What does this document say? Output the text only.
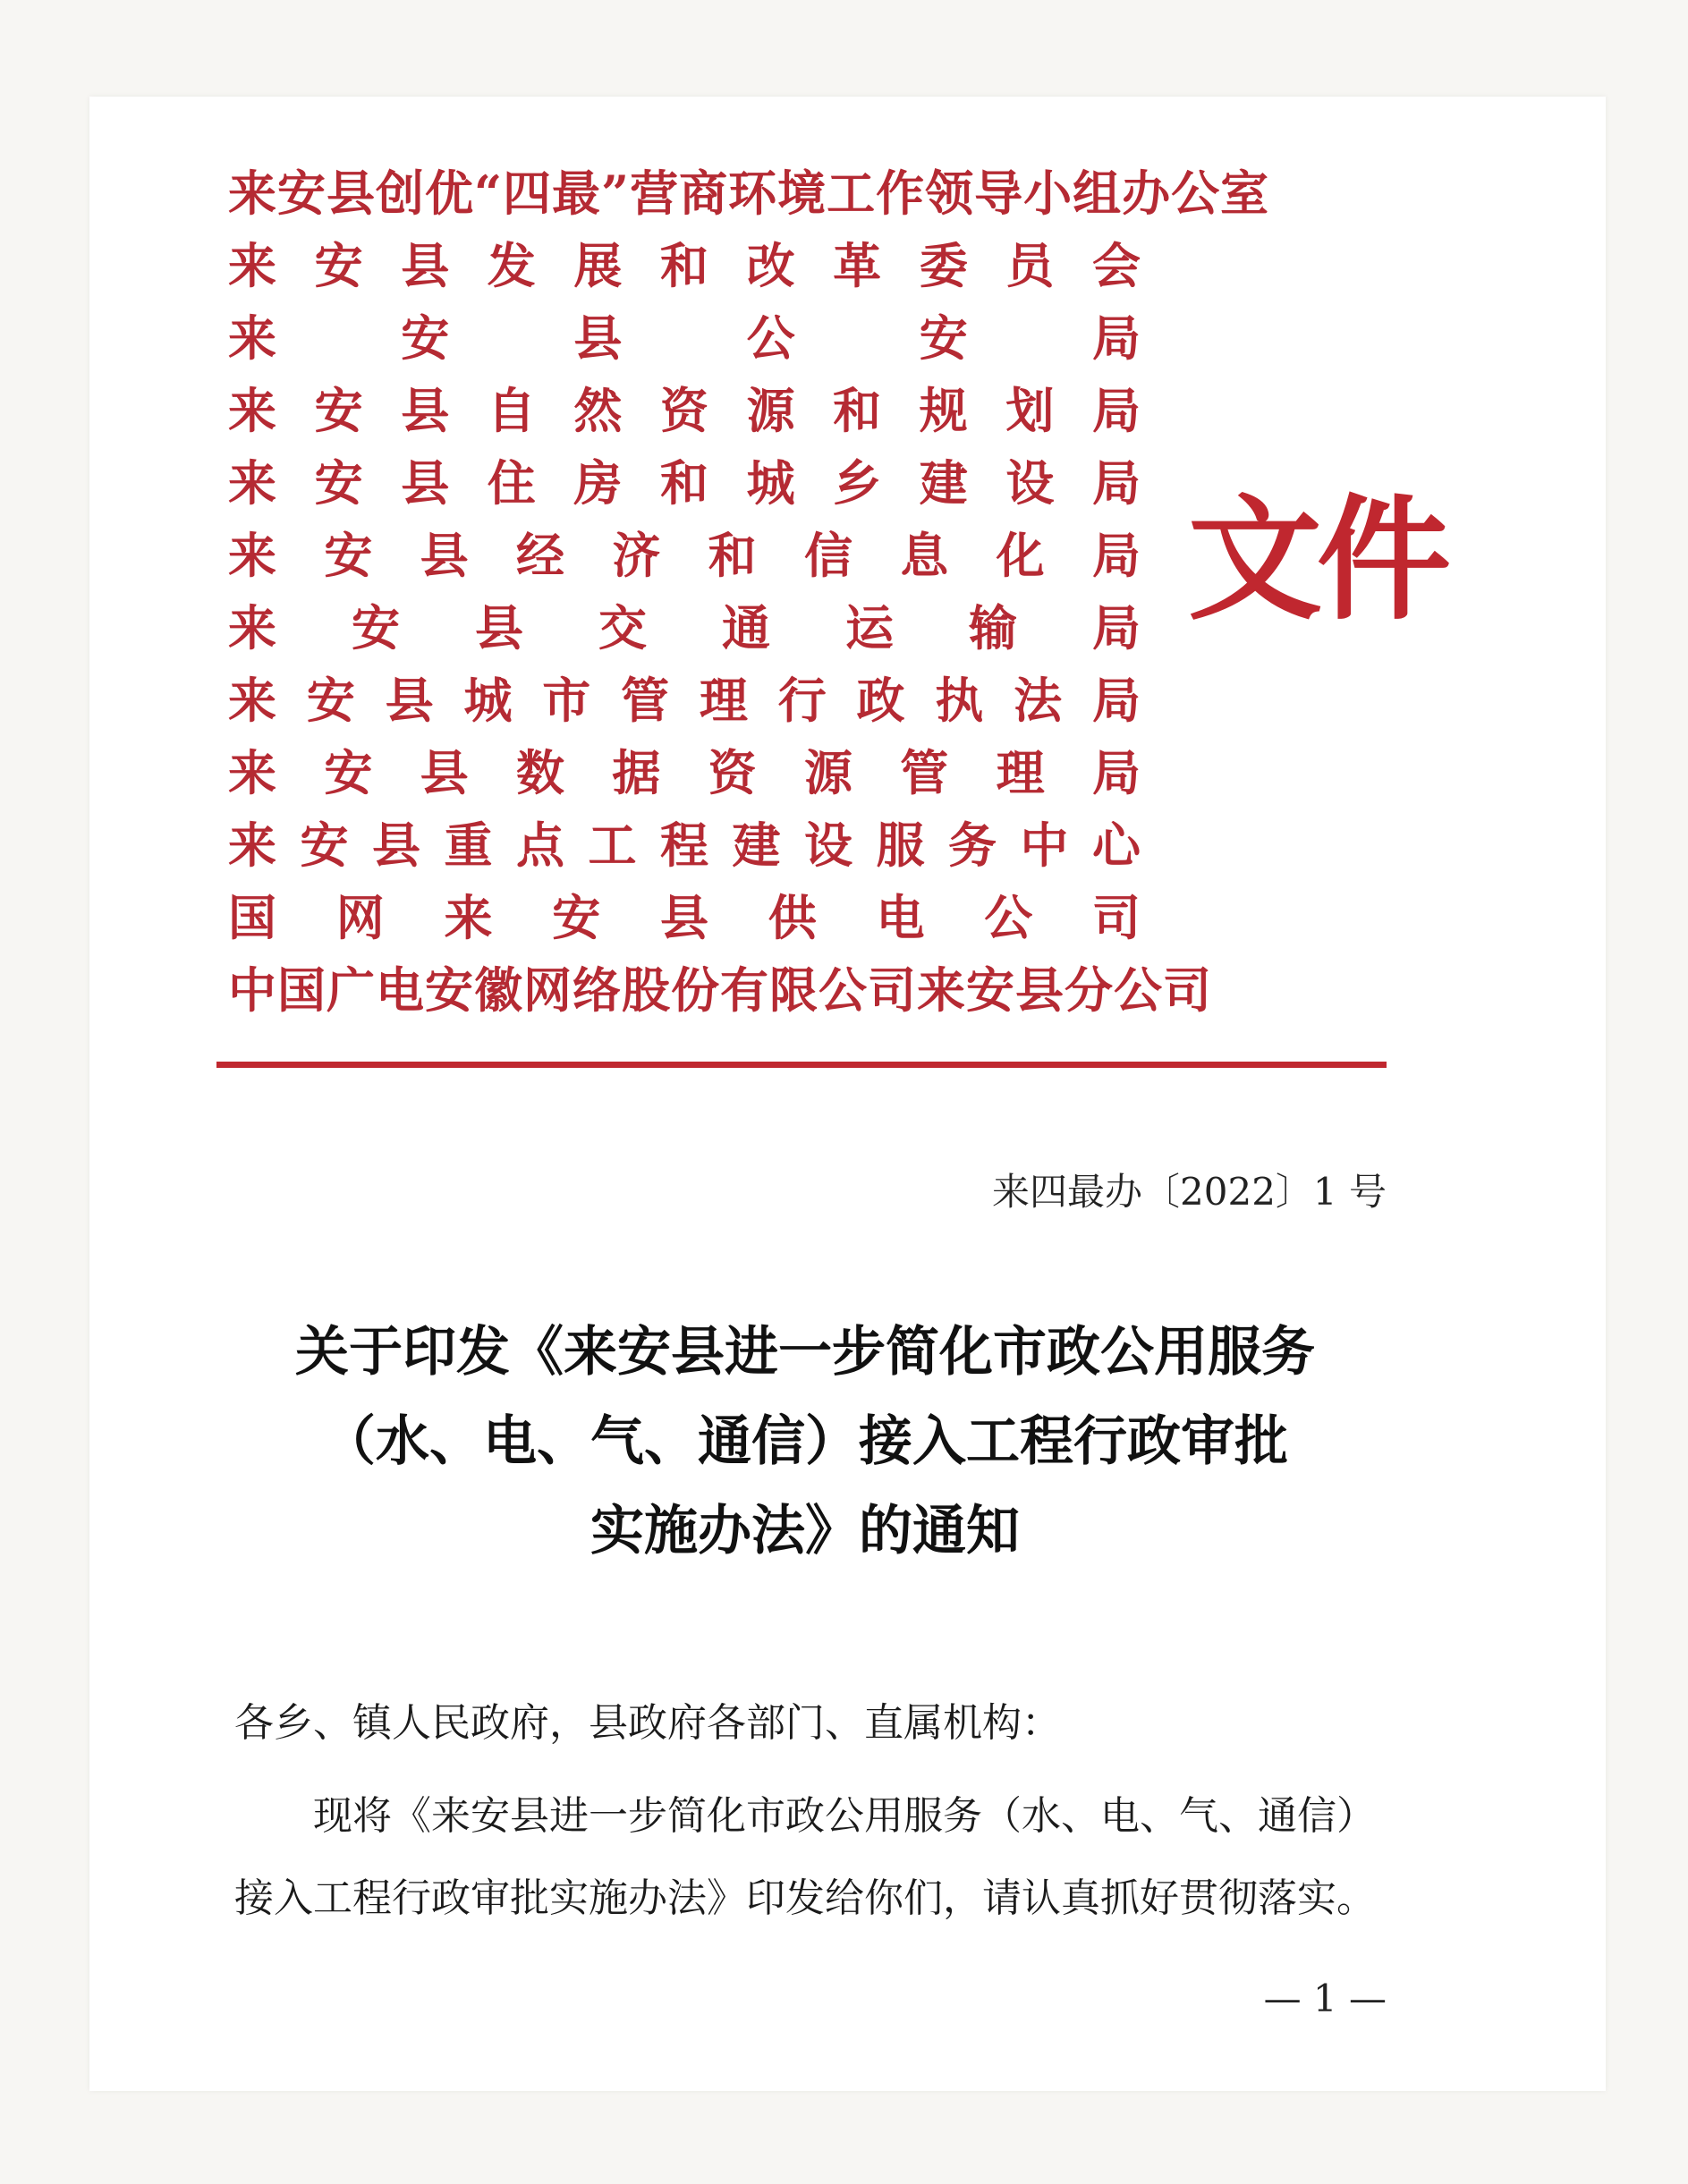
来安县创优“四最”营商环境工作领导小组办公室
来 安 县 发 展 和 改 革 委 员 会
来	安	县	公	安	局
来 安 县 自 然 资 源 和 规 划 局
来 安 县 住 房 和 城 乡 建 设 局
来 安 县 经 济 和 信 息 化 局
来 安 县 交 通 运 输 局
来 安 县 城 市 管 理 行 政 执 法 局
来 安 县 数 据 资 源 管 理 局
来 安 县 重 点 工 程 建 设 服 务 中 心
国 网 来 安 县 供 电 公 司
中国广电安徽网络股份有限公司来安县分公司
文件
来四最办〔2022〕1 号
关于印发《来安县进一步简化市政公用服务
（水、电、气、通信）接入工程行政审批
实施办法》的通知
各乡、镇人民政府，县政府各部门、直属机构：
现将《来安县进一步简化市政公用服务（水、电、气、通信）
接入工程行政审批实施办法》印发给你们，请认真抓好贯彻落实。
— 1 —
